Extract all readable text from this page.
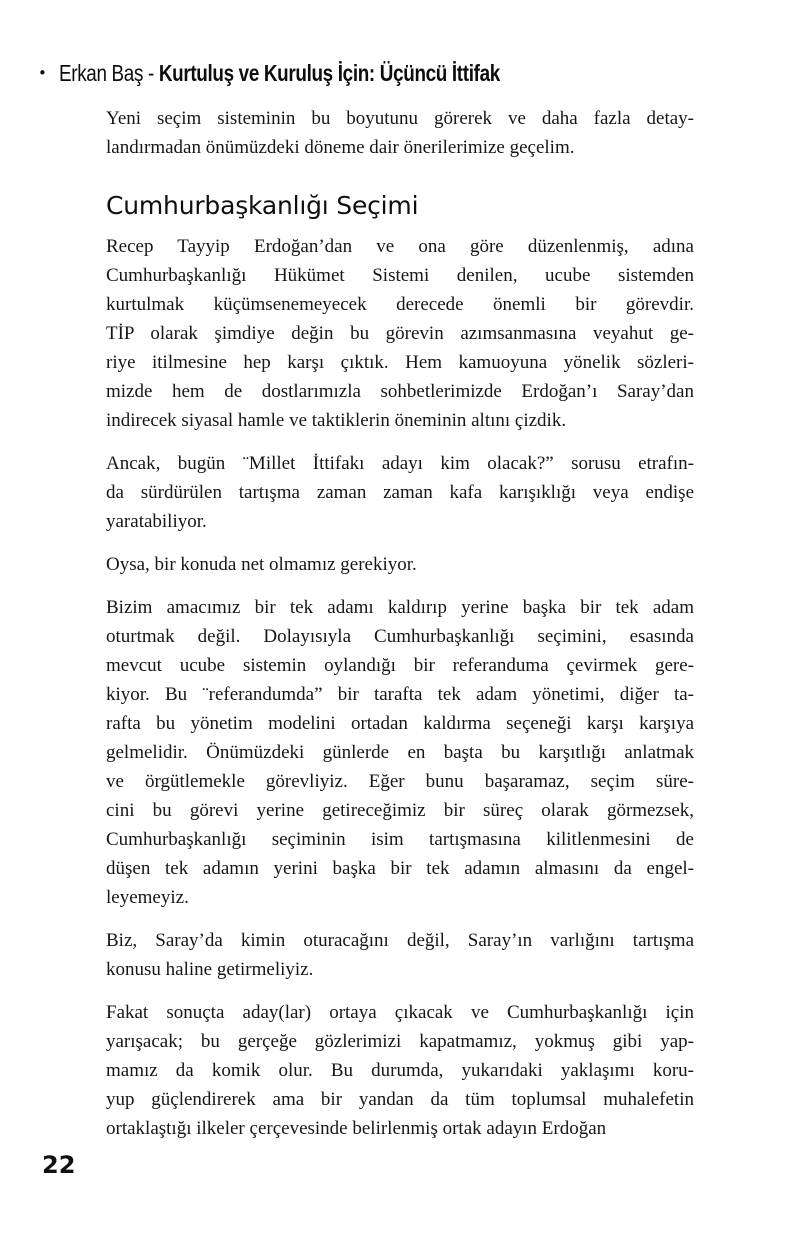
• Erkan Baş - Kurtuluş ve Kuruluş İçin: Üçüncü İttifak
Yeni seçim sisteminin bu boyutunu görerek ve daha fazla detay-
landırmadan önümüzdeki döneme dair önerilerimize geçelim.
Cumhurbaşkanlığı Seçimi
Recep Tayyip Erdoğan’dan ve ona göre düzenlenmiş, adına
Cumhurbaşkanlığı Hükümet Sistemi denilen, ucube sistemden
kurtulmak küçümsenemeyecek derecede önemli bir görevdir.
TİP olarak şimdiye değin bu görevin azımsanmasına veyahut ge-
riye itilmesine hep karşı çıktık. Hem kamuoyuna yönelik sözleri-
mizde hem de dostlarımızla sohbetlerimizde Erdoğan’ı Saray’dan
indirecek siyasal hamle ve taktiklerin öneminin altını çizdik.
Ancak, bugün ¨Millet İttifakı adayı kim olacak?” sorusu etrafın-
da sürdürülen tartışma zaman zaman kafa karışıklığı veya endişe
yaratabiliyor.
Oysa, bir konuda net olmamız gerekiyor.
Bizim amacımız bir tek adamı kaldırıp yerine başka bir tek adam
oturtmak değil. Dolayısıyla Cumhurbaşkanlığı seçimini, esasında
mevcut ucube sistemin oylandığı bir referanduma çevirmek gere-
kiyor. Bu ¨referandumda” bir tarafta tek adam yönetimi, diğer ta-
rafta bu yönetim modelini ortadan kaldırma seçeneği karşı karşıya
gelmelidir. Önümüzdeki günlerde en başta bu karşıtlığı anlatmak
ve örgütlemekle görevliyiz. Eğer bunu başaramaz, seçim süre-
cini bu görevi yerine getireceğimiz bir süreç olarak görmezsek,
Cumhurbaşkanlığı seçiminin isim tartışmasına kilitlenmesini de
düşen tek adamın yerini başka bir tek adamın almasını da engel-
leyemeyiz.
Biz, Saray’da kimin oturacağını değil, Saray’ın varlığını tartışma
konusu haline getirmeliyiz.
Fakat sonuçta aday(lar) ortaya çıkacak ve Cumhurbaşkanlığı için
yarışacak; bu gerçeğe gözlerimizi kapatmamız, yokmuş gibi yap-
mamız da komik olur. Bu durumda, yukarıdaki yaklaşımı koru-
yup güçlendirerek ama bir yandan da tüm toplumsal muhalefetin
ortaklaştığı ilkeler çerçevesinde belirlenmiş ortak adayın Erdoğan
22
